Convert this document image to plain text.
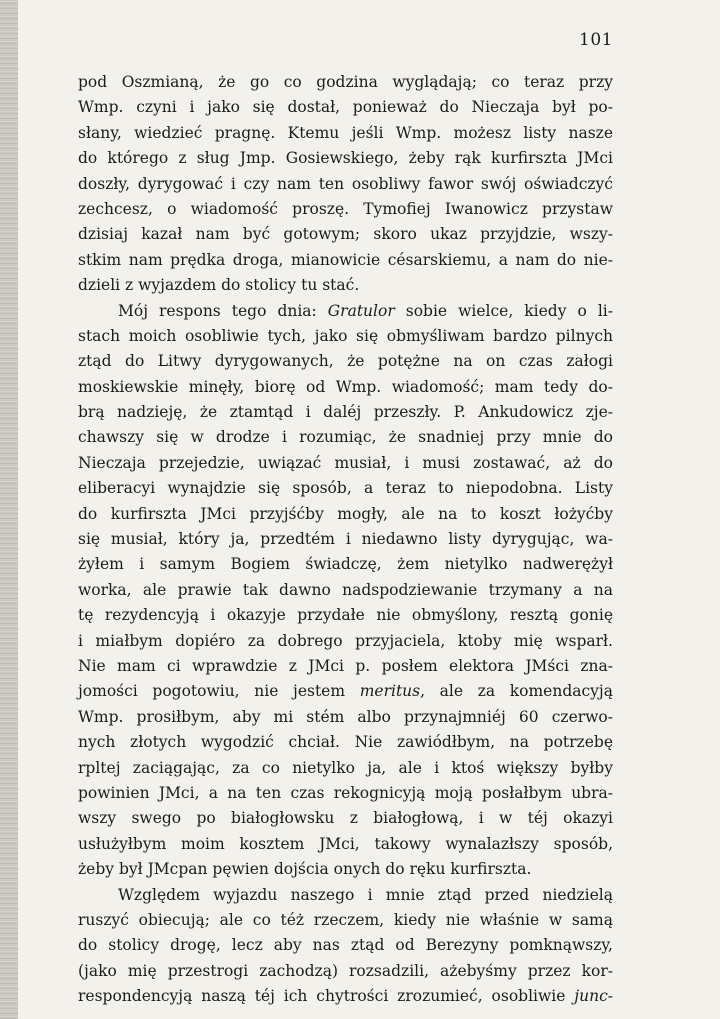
101
pod Oszmianą, że go co godzina wyglądają; co teraz przy
Wmp. czyni i jako się dostał, ponieważ do Nieczaja był po-
słany, wiedzieć pragnę. Ktemu jeśli Wmp. możesz listy nasze
do którego z sług Jmp. Gosiewskiego, żeby rąk kurfirszta JMci
doszły, dyrygować i czy nam ten osobliwy fawor swój oświadczyć
zechcesz, o wiadomość proszę. Tymofiej Iwanowicz przystaw
dzisiaj kazał nam być gotowym; skoro ukaz przyjdzie, wszy-
stkim nam prędka droga, mianowicie césarskiemu, a nam do nie-
dzieli z wyjazdem do stolicy tu stać.
Mój respons tego dnia: Gratulor sobie wielce, kiedy o li-
stach moich osobliwie tych, jako się obmyśliwam bardzo pilnych
ztąd do Litwy dyrygowanych, że potężne na on czas załogi
moskiewskie minęły, biorę od Wmp. wiadomość; mam tedy do-
brą nadzieję, że ztamtąd i daléj przeszły. P. Ankudowicz zje-
chawszy się w drodze i rozumiąc, że snadniej przy mnie do
Nieczaja przejedzie, uwiązać musiał, i musi zostawać, aż do
eliberacyi wynajdzie się sposób, a teraz to niepodobna. Listy
do kurfirszta JMci przyjśćby mogły, ale na to koszt łożyćby
się musiał, który ja, przedtém i niedawno listy dyrygując, wa-
żyłem i samym Bogiem świadczę, żem nietylko nadwerężył
worka, ale prawie tak dawno nadspodziewanie trzymany a na
tę rezydencyją i okazyje przydałe nie obmyślony, resztą gonię
i miałbym dopiéro za dobrego przyjaciela, ktoby mię wsparł.
Nie mam ci wprawdzie z JMci p. posłem elektora JMści zna-
jomości pogotowiu, nie jestem meritus, ale za komendacyją
Wmp. prosiłbym, aby mi stém albo przynajmniéj 60 czerwo-
nych złotych wygodzić chciał. Nie zawiódłbym, na potrzebę
rpltej zaciągając, za co nietylko ja, ale i ktoś większy byłby
powinien JMci, a na ten czas rekognicyją moją posłałbym ubra-
wszy swego po białogłowsku z białogłową, i w téj okazyi
usłużyłbym moim kosztem JMci, takowy wynalazłszy sposób,
żeby był JMcpan pęwien dojścia onych do ręku kurfirszta.
Względem wyjazdu naszego i mnie ztąd przed niedzielą
ruszyć obiecują; ale co téż rzeczem, kiedy nie właśnie w samą
do stolicy drogę, lecz aby nas ztąd od Berezyny pomknąwszy,
(jako mię przestrogi zachodzą) rozsadzili, ażebyśmy przez kor-
respondencyją naszą téj ich chytrości zrozumieć, osobliwie junc-
